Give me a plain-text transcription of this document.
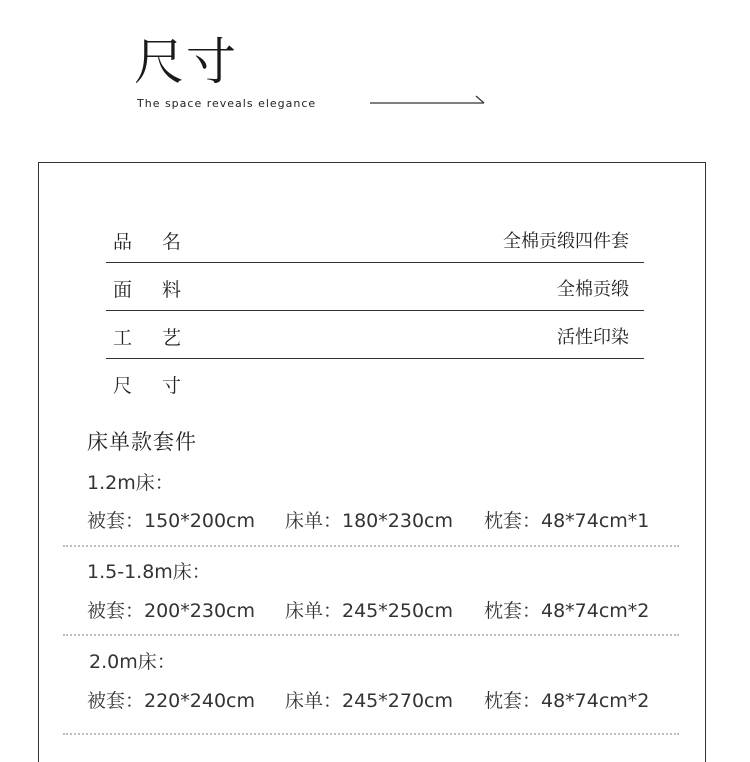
尺寸
The space reveals elegance
品名	全棉贡缎四件套
面料	全棉贡缎
工艺	活性印染
尺寸
床单款套件
1.2m床：
被套：150*200cm 床单：180*230cm 枕套：48*74cm*1
1.5-1.8m床：
被套：200*230cm 床单：245*250cm 枕套：48*74cm*2
2.0m床：
被套：220*240cm 床单：245*270cm 枕套：48*74cm*2
